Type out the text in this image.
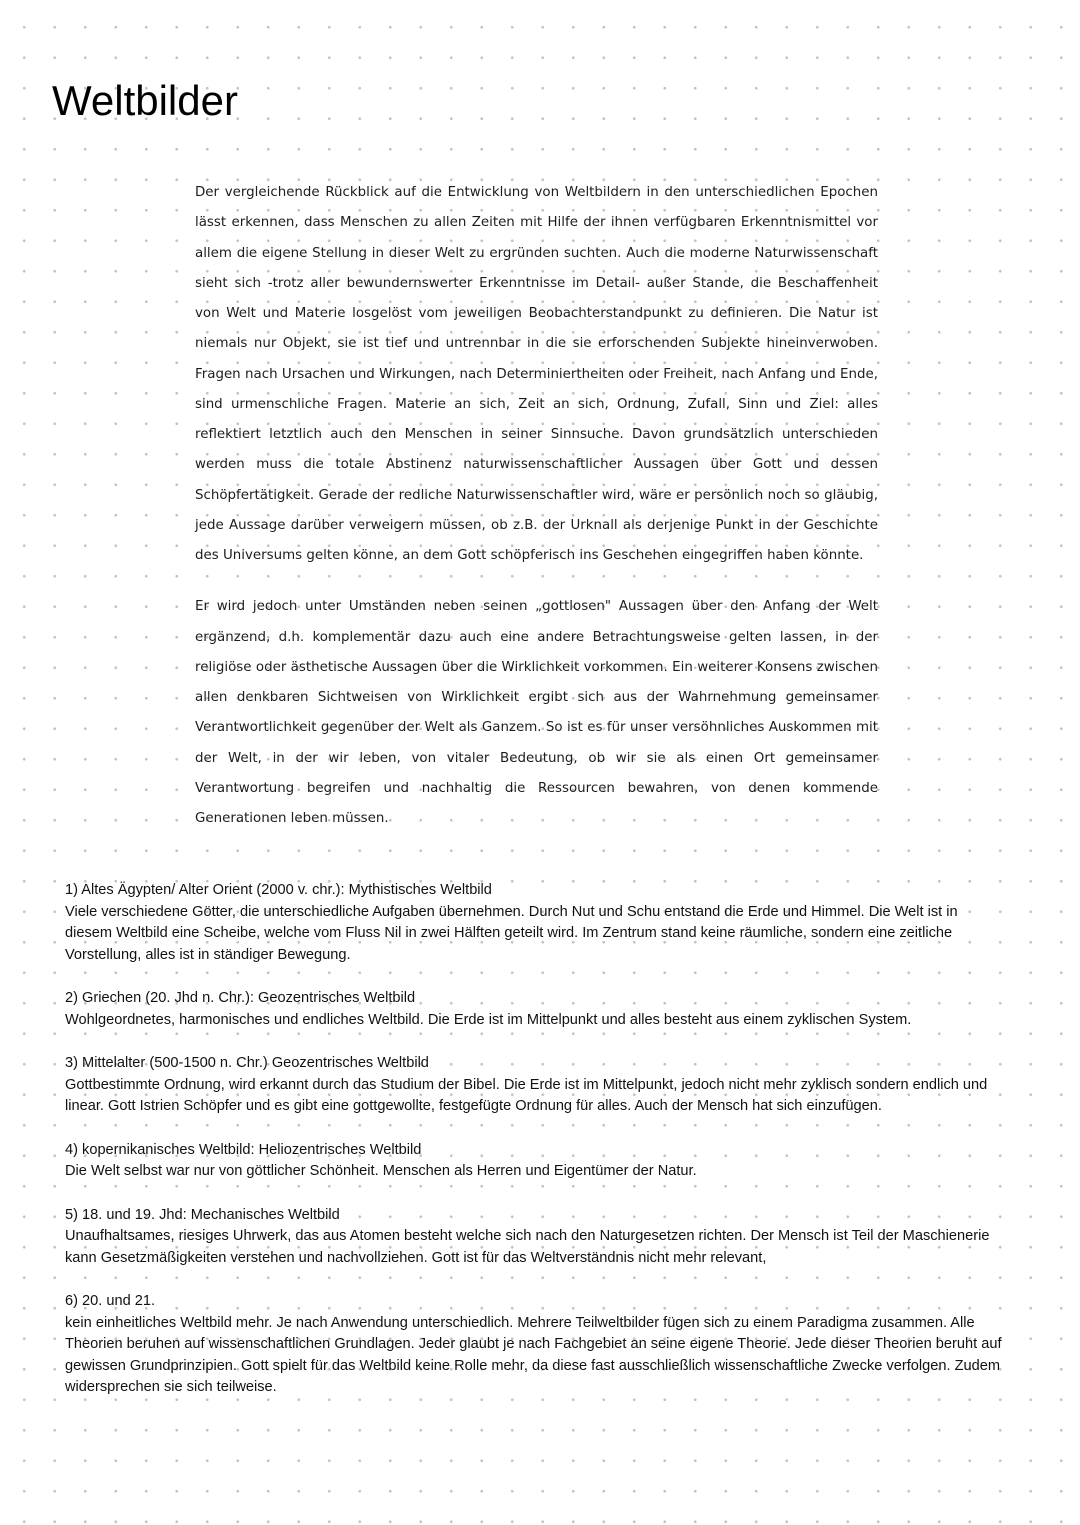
Weltbilder

Der vergleichende Rückblick auf die Entwicklung von Weltbildern in den unterschiedlichen Epochen lässt erkennen, dass Menschen zu allen Zeiten mit Hilfe der ihnen verfügbaren Erkenntnismittel vor allem die eigene Stellung in dieser Welt zu ergründen suchten. Auch die moderne Naturwissenschaft sieht sich -trotz aller bewundernswerter Erkenntnisse im Detail- außer Stande, die Beschaffenheit von Welt und Materie losgelöst vom jeweiligen Beobachterstandpunkt zu definieren. Die Natur ist niemals nur Objekt, sie ist tief und untrennbar in die sie erforschenden Subjekte hineinverwoben. Fragen nach Ursachen und Wirkungen, nach Determiniertheiten oder Freiheit, nach Anfang und Ende, sind urmenschliche Fragen. Materie an sich, Zeit an sich, Ordnung, Zufall, Sinn und Ziel: alles reflektiert letztlich auch den Menschen in seiner Sinnsuche. Davon grundsätzlich unterschieden werden muss die totale Abstinenz naturwissenschaftlicher Aussagen über Gott und dessen Schöpfertätigkeit. Gerade der redliche Naturwissenschaftler wird, wäre er persönlich noch so gläubig, jede Aussage darüber verweigern müssen, ob z.B. der Urknall als derjenige Punkt in der Geschichte des Universums gelten könne, an dem Gott schöpferisch ins Geschehen eingegriffen haben könnte.

Er wird jedoch unter Umständen neben seinen „gottlosen" Aussagen über den Anfang der Welt ergänzend, d.h. komplementär dazu auch eine andere Betrachtungsweise gelten lassen, in der religiöse oder ästhetische Aussagen über die Wirklichkeit vorkommen. Ein weiterer Konsens zwischen allen denkbaren Sichtweisen von Wirklichkeit ergibt sich aus der Wahrnehmung gemeinsamer Verantwortlichkeit gegenüber der Welt als Ganzem. So ist es für unser versöhnliches Auskommen mit der Welt, in der wir leben, von vitaler Bedeutung, ob wir sie als einen Ort gemeinsamer Verantwortung begreifen und nachhaltig die Ressourcen bewahren, von denen kommende Generationen leben müssen.

1) Altes Ägypten/ Alter Orient (2000 v. chr.): Mythistisches Weltbild
Viele verschiedene Götter, die unterschiedliche Aufgaben übernehmen. Durch Nut und Schu entstand die Erde und Himmel. Die Welt ist in diesem Weltbild eine Scheibe, welche vom Fluss Nil in zwei Hälften geteilt wird. Im Zentrum stand keine räumliche, sondern eine zeitliche Vorstellung, alles ist in ständiger Bewegung.
2) Griechen (20. Jhd n. Chr.): Geozentrisches Weltbild
Wohlgeordnetes, harmonisches und endliches Weltbild. Die Erde ist im Mittelpunkt und alles besteht aus einem zyklischen System.
3) Mittelalter (500-1500 n. Chr.) Geozentrisches Weltbild
Gottbestimmte Ordnung, wird erkannt durch das Studium der Bibel. Die Erde ist im Mittelpunkt, jedoch nicht mehr zyklisch sondern endlich und linear. Gott Istrien Schöpfer und es gibt eine gottgewollte, festgefügte Ordnung für alles. Auch der Mensch hat sich einzufügen.
4) kopernikanisches Weltbild: Heliozentrisches Weltbild
Die Welt selbst war nur von göttlicher Schönheit. Menschen als Herren und Eigentümer der Natur.
5) 18. und 19. Jhd: Mechanisches Weltbild
Unaufhaltsames, riesiges Uhrwerk, das aus Atomen besteht welche sich nach den Naturgesetzen richten. Der Mensch ist Teil der Maschienerie kann Gesetzmäßigkeiten verstehen und nachvollziehen. Gott ist für das Weltverständnis nicht mehr relevant,
6) 20. und 21.
kein einheitliches Weltbild mehr. Je nach Anwendung unterschiedlich. Mehrere Teilweltbilder fügen sich zu einem Paradigma zusammen. Alle Theorien beruhen auf wissenschaftlichen Grundlagen. Jeder glaubt je nach Fachgebiet an seine eigene Theorie. Jede dieser Theorien beruht auf gewissen Grundprinzipien. Gott spielt für das Weltbild keine Rolle mehr, da diese fast ausschließlich wissenschaftliche Zwecke verfolgen. Zudem widersprechen sie sich teilweise.
